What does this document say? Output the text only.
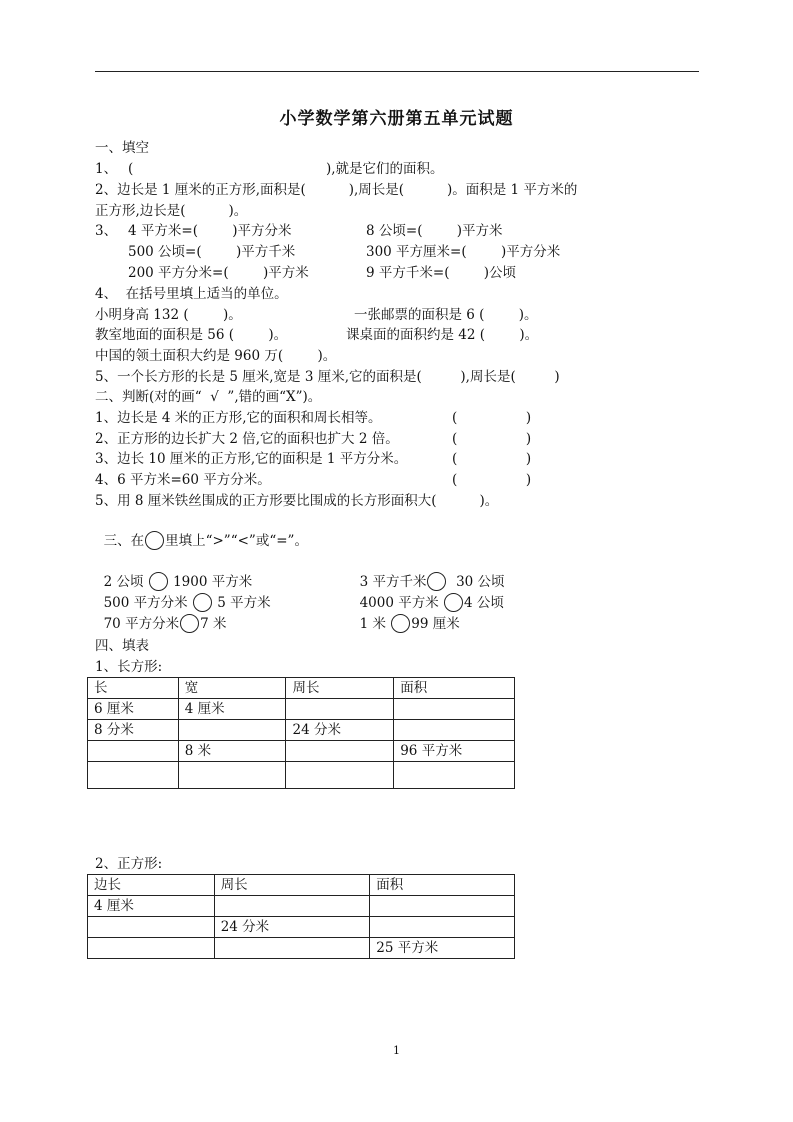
小学数学第六册第五单元试题
一、填空
1、 (	),就是它们的面积。
2、边长是 1 厘米的正方形,面积是(          ),周长是(          )。面积是 1 平方米的
正方形,边长是(          )。
3、 4 平方米=(        )平方分米	8 公顷=(        )平方米
500 公顷=(        )平方千米	300 平方厘米=(        )平方分米
200 平方分米=(        )平方米	9 平方千米=(        )公顷
4、  在括号里填上适当的单位。
小明身高 132 (        )。	一张邮票的面积是 6 (        )。
教室地面的面积是 56 (        )。	课桌面的面积约是 42 (        )。
中国的领土面积大约是 960 万(        )。
5、一个长方形的长是 5 厘米,宽是 3 厘米,它的面积是(         ),周长是(         )
二、判断(对的画“  √  ”,错的画“X”)。
1、边长是 4 米的正方形,它的面积和周长相等。	(                )
2、正方形的边长扩大 2 倍,它的面积也扩大 2 倍。	(                )
3、边长 10 厘米的正方形,它的面积是 1 平方分米。	(                )
4、6 平方米=60 平方分米。	(                )
5、用 8 厘米铁丝围成的正方形要比围成的长方形面积大(          )。

三、在 里填上“>”“<”或“=”。

2 公顷 1900 平方米	3 平方千米 30 公顷

500 平方分米 5 平方米	4000 平方米 4 公顷

70 平方分米 7 米	1 米 99 厘米

四、填表
1、长方形:
长	宽	周长	面积
6 厘米	4 厘米		
8 分米		24 分米	
	8 米		96 平方米

2、正方形:
边长	周长	面积
4 厘米		
	24 分米	
		25 平方米
1
